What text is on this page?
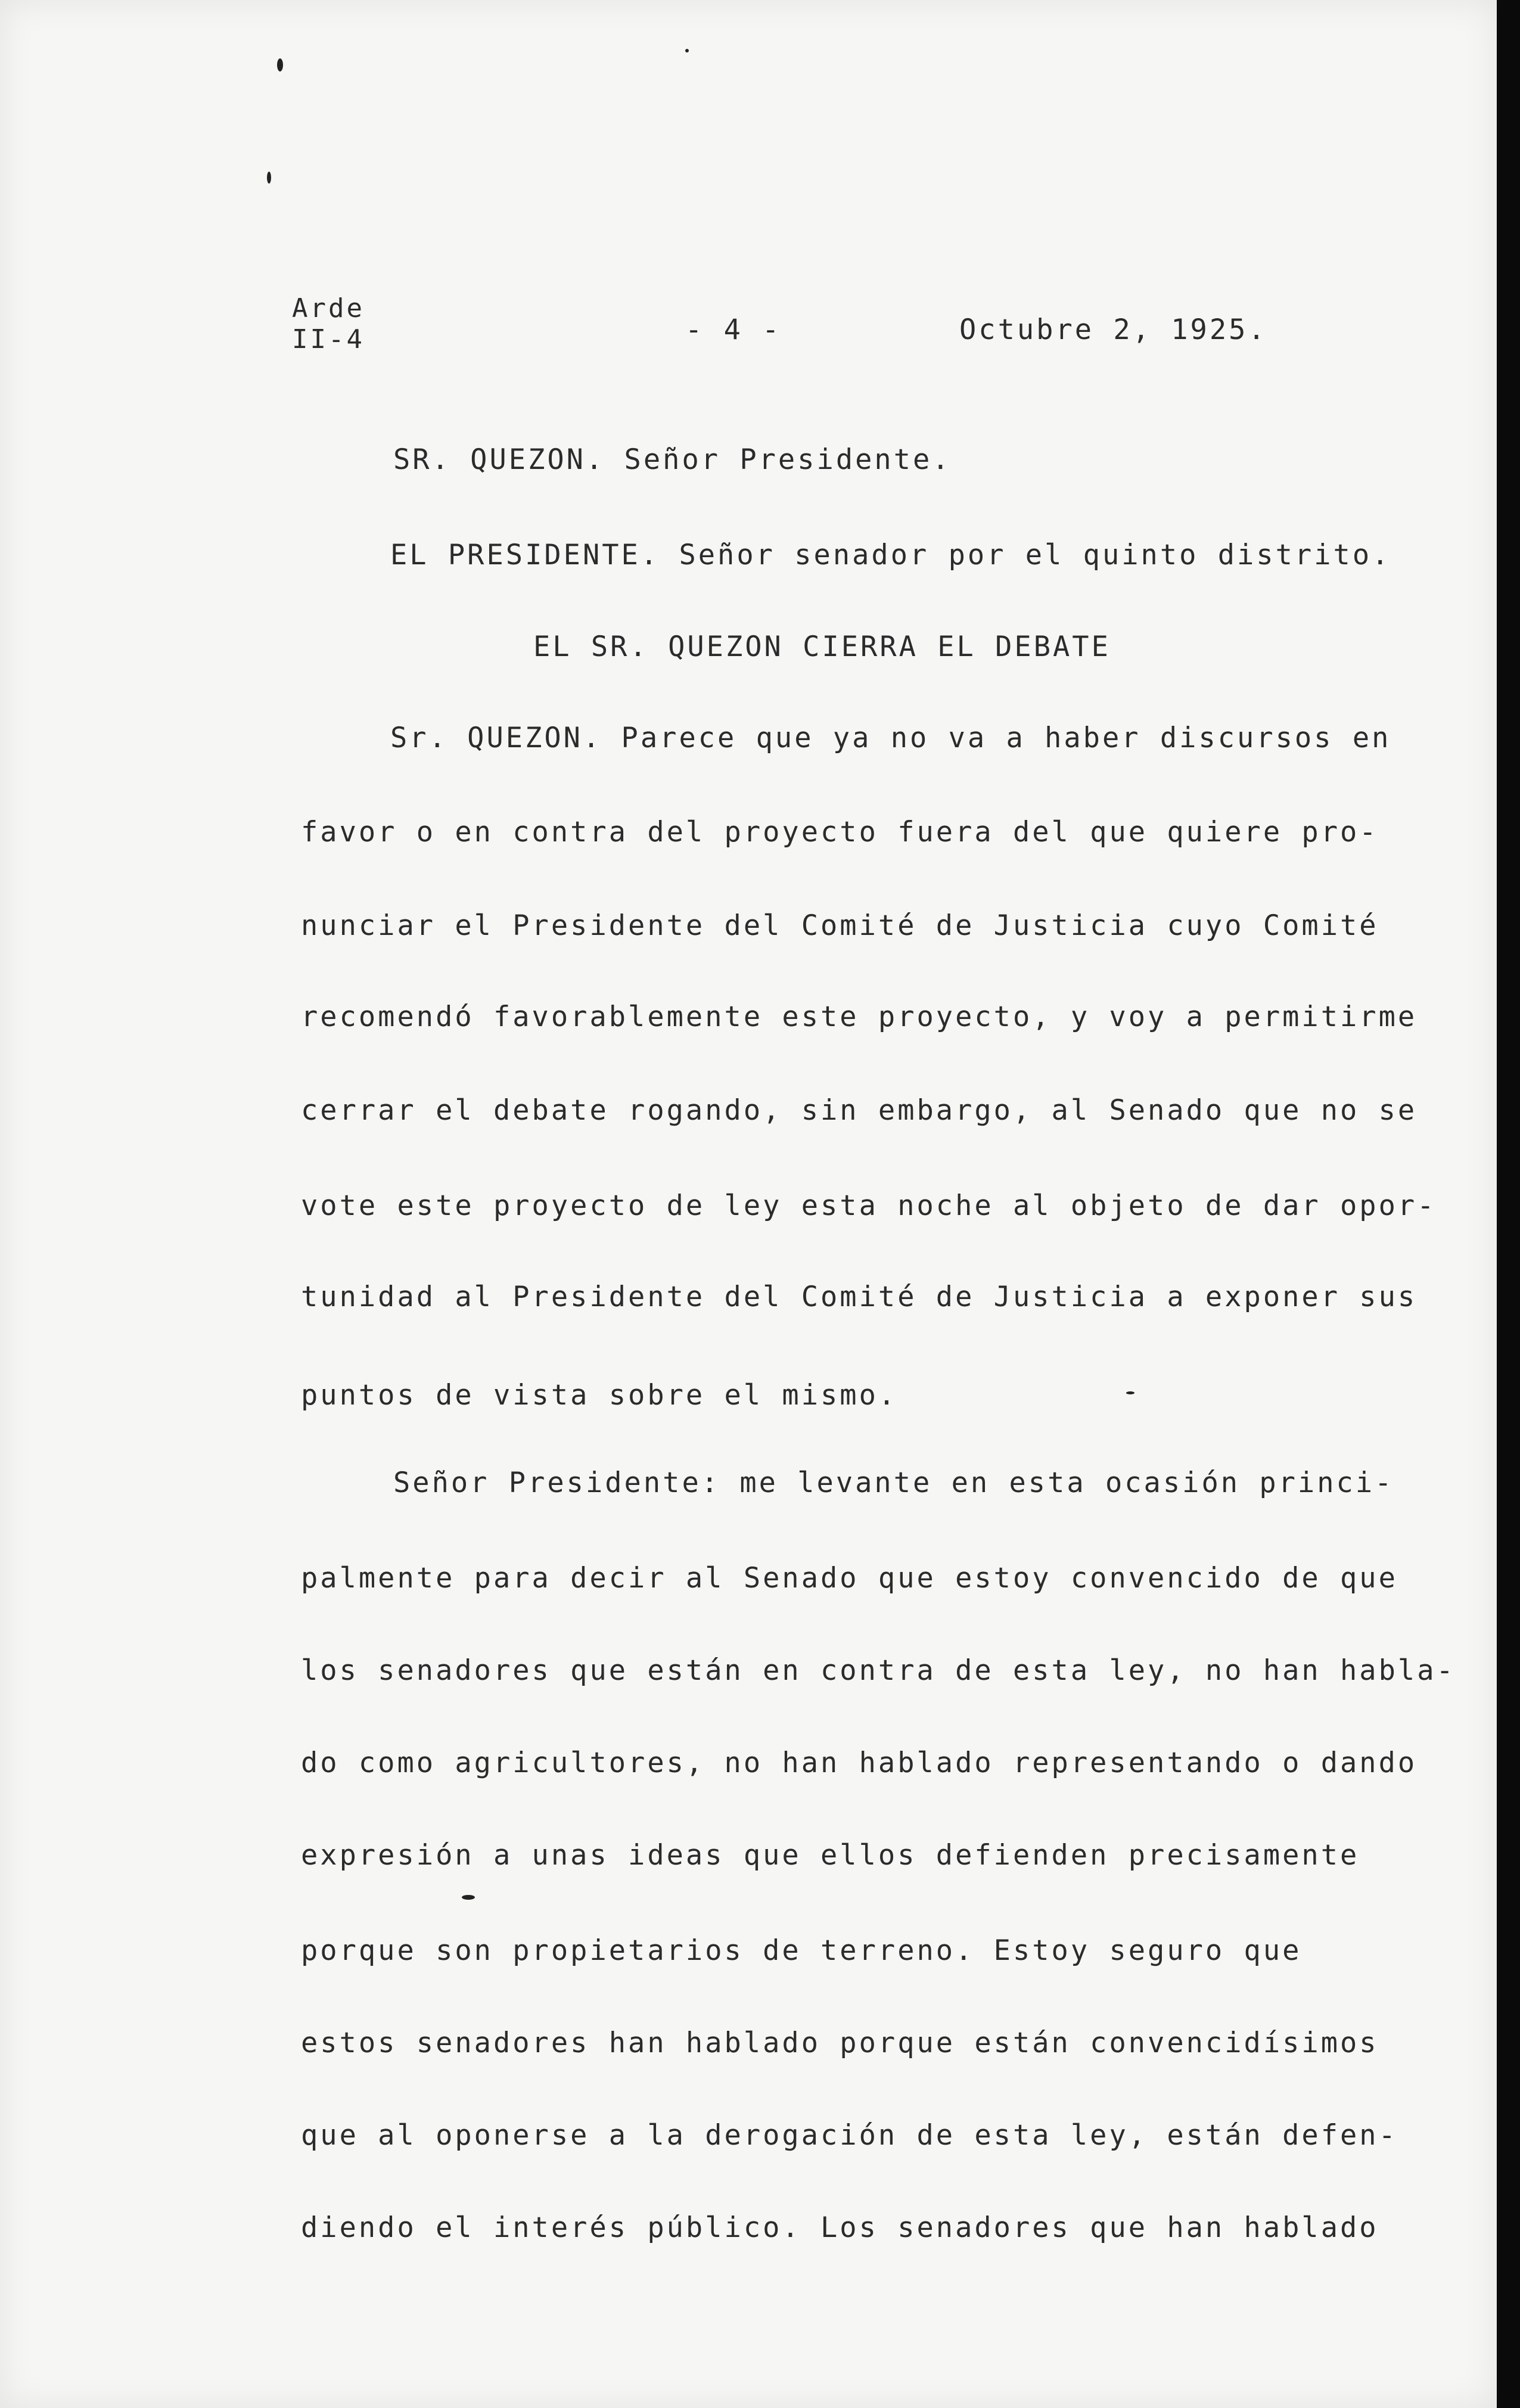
Arde
II-4	- 4 -	Octubre 2, 1925.
SR. QUEZON. Señor Presidente.
EL PRESIDENTE. Señor senador por el quinto distrito.
EL SR. QUEZON CIERRA EL DEBATE
Sr. QUEZON. Parece que ya no va a haber discursos en
favor o en contra del proyecto fuera del que quiere pro-
nunciar el Presidente del Comité de Justicia cuyo Comité
recomendó favorablemente este proyecto, y voy a permitirme
cerrar el debate rogando, sin embargo, al Senado que no se
vote este proyecto de ley esta noche al objeto de dar opor-
tunidad al Presidente del Comité de Justicia a exponer sus
puntos de vista sobre el mismo.
Señor Presidente: me levante en esta ocasión princi-
palmente para decir al Senado que estoy convencido de que
los senadores que están en contra de esta ley, no han habla-
do como agricultores, no han hablado representando o dando
expresión a unas ideas que ellos defienden precisamente
porque son propietarios de terreno. Estoy seguro que
estos senadores han hablado porque están convencidísimos
que al oponerse a la derogación de esta ley, están defen-
diendo el interés público. Los senadores que han hablado
